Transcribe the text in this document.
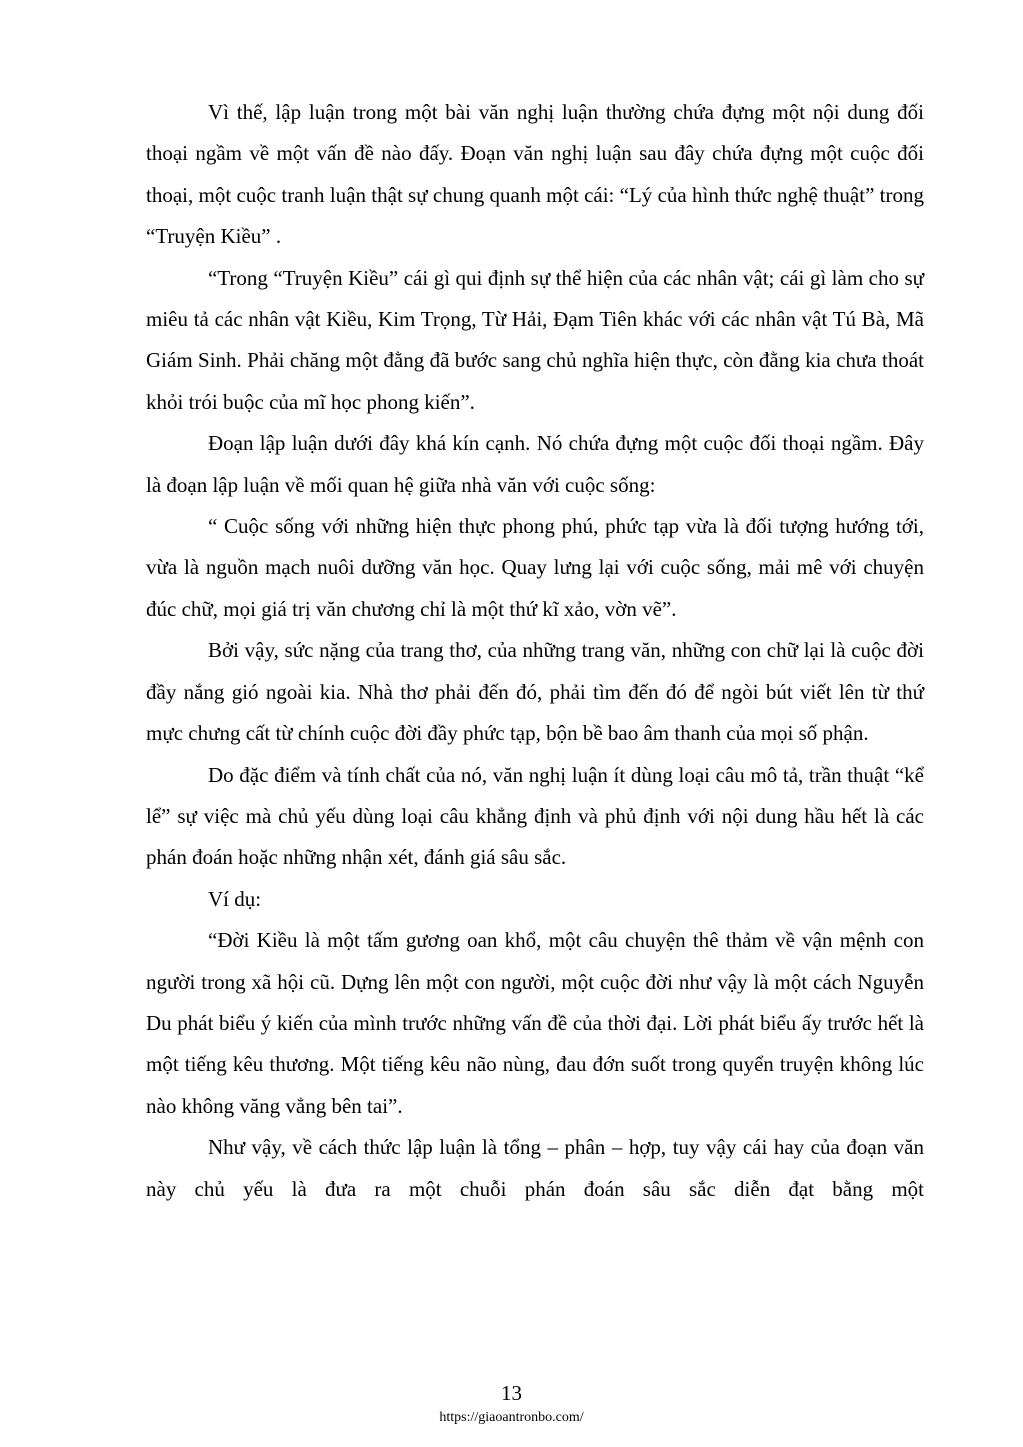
Vì thế, lập luận trong một bài văn nghị luận thường chứa đựng một nội dung đối thoại ngầm về một vấn đề nào đấy. Đoạn văn nghị luận sau đây chứa đựng một cuộc đối thoại, một cuộc tranh luận thật sự chung quanh một cái: “Lý của hình thức nghệ thuật” trong “Truyện Kiều” .

“Trong “Truyện Kiều” cái gì qui định sự thể hiện của các nhân vật; cái gì làm cho sự miêu tả các nhân vật Kiều, Kim Trọng, Từ Hải, Đạm Tiên khác với các nhân vật Tú Bà, Mã Giám Sinh. Phải chăng một đằng đã bước sang chủ nghĩa hiện thực, còn đằng kia chưa thoát khỏi trói buộc của mĩ học phong kiến”.

Đoạn lập luận dưới đây khá kín cạnh. Nó chứa đựng một cuộc đối thoại ngầm. Đây là đoạn lập luận về mối quan hệ giữa nhà văn với cuộc sống:

“ Cuộc sống với những hiện thực phong phú, phức tạp vừa là đối tượng hướng tới, vừa là nguồn mạch nuôi dưỡng văn học. Quay lưng lại với cuộc sống, mải mê với chuyện đúc chữ, mọi giá trị văn chương chỉ là một thứ kĩ xảo, vờn vẽ”.

Bởi vậy, sức nặng của trang thơ, của những trang văn, những con chữ lại là cuộc đời đầy nắng gió ngoài kia. Nhà thơ phải đến đó, phải tìm đến đó để ngòi bút viết lên từ thứ mực chưng cất từ chính cuộc đời đầy phức tạp, bộn bề bao âm thanh của mọi số phận.

Do đặc điểm và tính chất của nó, văn nghị luận ít dùng loại câu mô tả, trần thuật “kể lể” sự việc mà chủ yếu dùng loại câu khẳng định và phủ định với nội dung hầu hết là các phán đoán hoặc những nhận xét, đánh giá sâu sắc.

Ví dụ:

“Đời Kiều là một tấm gương oan khổ, một câu chuyện thê thảm về vận mệnh con người trong xã hội cũ. Dựng lên một con người, một cuộc đời như vậy là một cách Nguyễn Du phát biểu ý kiến của mình trước những vấn đề của thời đại. Lời phát biểu ấy trước hết là một tiếng kêu thương. Một tiếng kêu não nùng, đau đớn suốt trong quyển truyện không lúc nào không văng vẳng bên tai”.

Như vậy, về cách thức lập luận là tổng – phân – hợp, tuy vậy cái hay của đoạn văn này chủ yếu là đưa ra một chuỗi phán đoán sâu sắc diễn đạt bằng một

13
https://giaoantronbo.com/
